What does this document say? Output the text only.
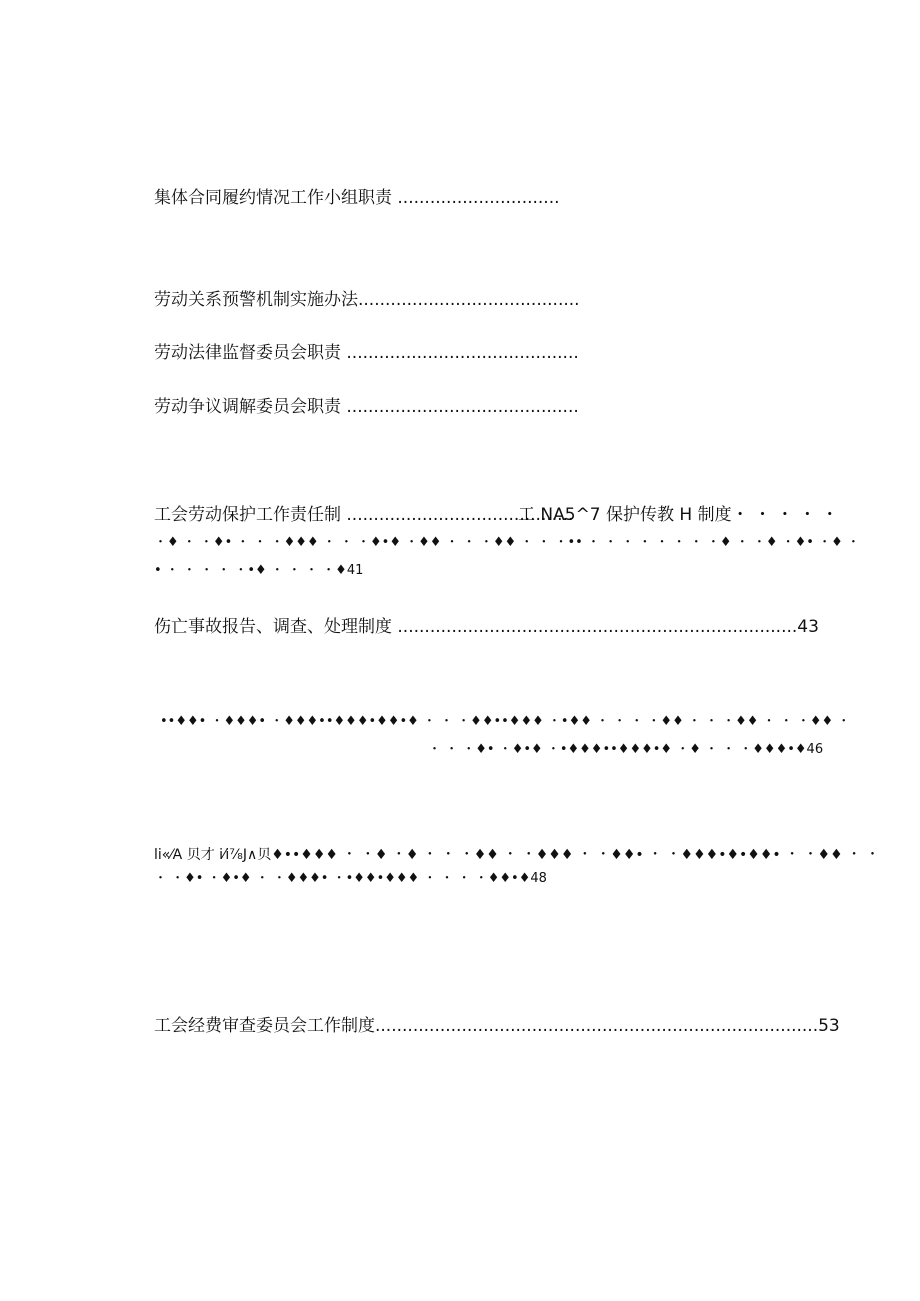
集体合同履约情况工作小组职责 ..............................
劳动关系预警机制实施办法.........................................
劳动法律监督委员会职责 ...........................................
劳动争议调解委员会职责 ...........................................
工会劳动保护工作责任制 ..........................................
工 NA5^7 保护传教 H 制度・ ・ ・ ・ ・
・♦ ・ ・♦• ・ ・ ・♦♦♦ ・ ・ ・♦•♦ ・♦♦ ・ ・ ・♦♦ ・ ・ ・•• ・ ・ ・ ・ ・ ・ ・ ・♦ ・ ・♦ ・♦• ・♦ ・
• ・ ・ ・ ・ ・•♦ ・ ・ ・ ・♦41
伤亡事故报告、调查、处理制度 ..........................................................................43
••♦♦• ・♦♦♦• ・♦♦♦••♦♦♦•♦♦•♦ ・ ・ ・♦♦••♦♦♦ ・•♦♦ ・ ・ ・ ・♦♦ ・ ・ ・♦♦ ・ ・ ・♦♦ ・
・ ・ ・♦• ・♦•♦ ・•♦♦♦••♦♦♦•♦ ・♦ ・ ・ ・♦♦♦•♦46
li«⁄A 贝才 i⁄i⅞J∧贝♦••♦♦♦ ・ ・♦ ・♦ ・ ・ ・♦♦ ・ ・♦♦♦ ・ ・♦♦• ・ ・♦♦♦•♦•♦♦• ・ ・♦♦ ・ ・
・ ・♦• ・♦•♦ ・ ・♦♦♦• ・•♦♦•♦♦♦ ・ ・ ・ ・♦♦•♦48
工会经费审查委员会工作制度..................................................................................53
